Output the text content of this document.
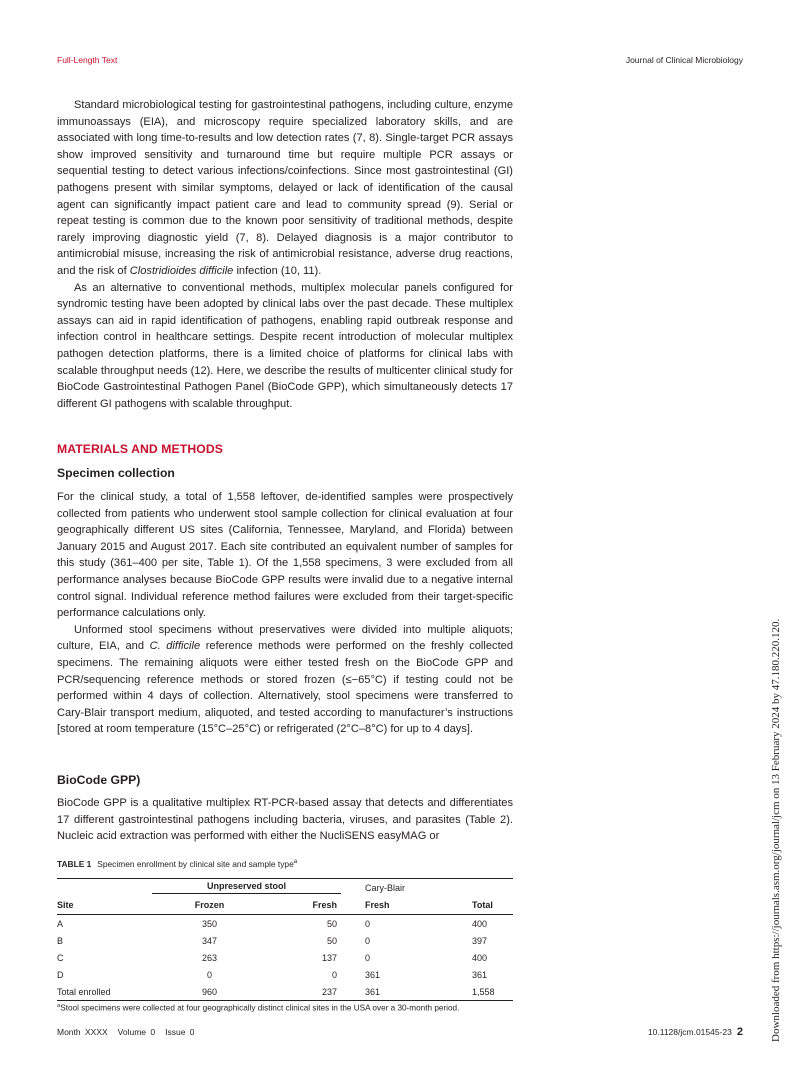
Full-Length Text	Journal of Clinical Microbiology

Standard microbiological testing for gastrointestinal pathogens, including culture, enzyme immunoassays (EIA), and microscopy require specialized laboratory skills, and are associated with long time-to-results and low detection rates (7, 8). Single-target PCR assays show improved sensitivity and turnaround time but require multiple PCR assays or sequential testing to detect various infections/coinfections. Since most gastrointestinal (GI) pathogens present with similar symptoms, delayed or lack of identification of the causal agent can significantly impact patient care and lead to community spread (9). Serial or repeat testing is common due to the known poor sensitivity of traditional methods, despite rarely improving diagnostic yield (7, 8). Delayed diagnosis is a major contributor to antimicrobial misuse, increasing the risk of antimicrobial resistance, adverse drug reactions, and the risk of Clostridioides difficile infection (10, 11).

As an alternative to conventional methods, multiplex molecular panels configured for syndromic testing have been adopted by clinical labs over the past decade. These multiplex assays can aid in rapid identification of pathogens, enabling rapid outbreak response and infection control in healthcare settings. Despite recent introduction of molecular multiplex pathogen detection platforms, there is a limited choice of platforms for clinical labs with scalable throughput needs (12). Here, we describe the results of multicenter clinical study for BioCode Gastrointestinal Pathogen Panel (BioCode GPP), which simultaneously detects 17 different GI pathogens with scalable throughput.

MATERIALS AND METHODS
Specimen collection

For the clinical study, a total of 1,558 leftover, de-identified samples were prospectively collected from patients who underwent stool sample collection for clinical evaluation at four geographically different US sites (California, Tennessee, Maryland, and Florida) between January 2015 and August 2017. Each site contributed an equivalent number of samples for this study (361–400 per site, Table 1). Of the 1,558 specimens, 3 were excluded from all performance analyses because BioCode GPP results were invalid due to a negative internal control signal. Individual reference method failures were excluded from their target-specific performance calculations only.

Unformed stool specimens without preservatives were divided into multiple aliquots; culture, EIA, and C. difficile reference methods were performed on the freshly collected specimens. The remaining aliquots were either tested fresh on the BioCode GPP and PCR/sequencing reference methods or stored frozen (≤−65°C) if testing could not be performed within 4 days of collection. Alternatively, stool specimens were transferred to Cary-Blair transport medium, aliquoted, and tested according to manufacturer’s instructions [stored at room temperature (15°C–25°C) or refrigerated (2°C–8°C) for up to 4 days].

BioCode GPP)

BioCode GPP is a qualitative multiplex RT-PCR-based assay that detects and differentiates 17 different gastrointestinal pathogens including bacteria, viruses, and parasites (Table 2). Nucleic acid extraction was performed with either the NucliSENS easyMAG or

TABLE 1 Specimen enrollment by clinical site and sample type$^a$
	Unpreserved stool		Cary-Blair	
Site	Frozen	Fresh	Fresh	Total
A	350	50	0	400
B	347	50	0	397
C	263	137	0	400
D	0	0	361	361
Total enrolled	960	237	361	1,558
$^a$Stool specimens were collected at four geographically distinct clinical sites in the USA over a 30-month period.
Month XXXX Volume 0 Issue 0	10.1128/jcm.01545-23 2 Downloaded from https://journals.asm.org/journal/jcm on 13 February 2024 by 47.180.220.120.
